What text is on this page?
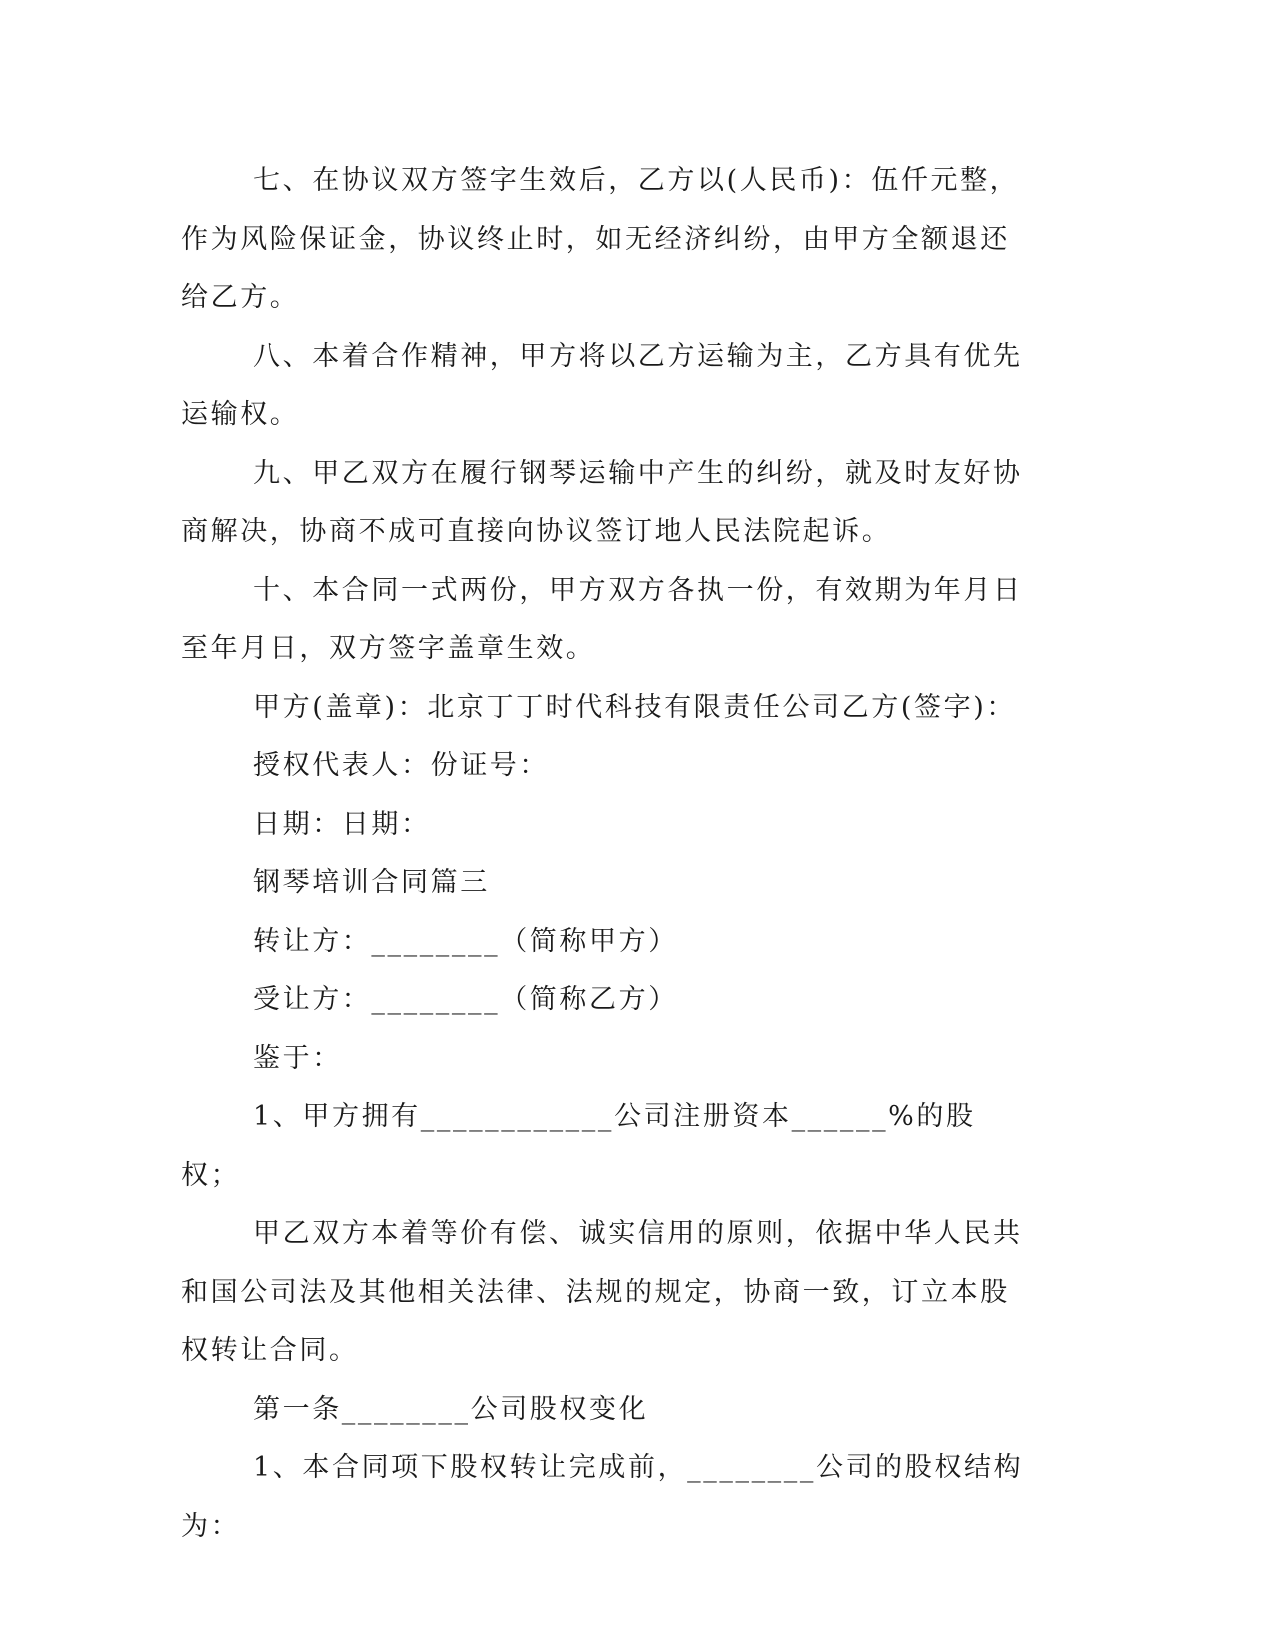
七、在协议双方签字生效后，乙方以(人民币)：伍仟元整，作为风险保证金，协议终止时，如无经济纠纷，由甲方全额退还给乙方。

八、本着合作精神，甲方将以乙方运输为主，乙方具有优先运输权。

九、甲乙双方在履行钢琴运输中产生的纠纷，就及时友好协商解决，协商不成可直接向协议签订地人民法院起诉。

十、本合同一式两份，甲方双方各执一份，有效期为年月日至年月日，双方签字盖章生效。

甲方(盖章)：北京丁丁时代科技有限责任公司乙方(签字)：

授权代表人：份证号：

日期：日期：

钢琴培训合同篇三

转让方：________（简称甲方）

受让方：________（简称乙方）

鉴于：

1、甲方拥有____________公司注册资本______%的股权；

甲乙双方本着等价有偿、诚实信用的原则，依据中华人民共和国公司法及其他相关法律、法规的规定，协商一致，订立本股权转让合同。

第一条________公司股权变化

1、本合同项下股权转让完成前，________公司的股权结构为：
